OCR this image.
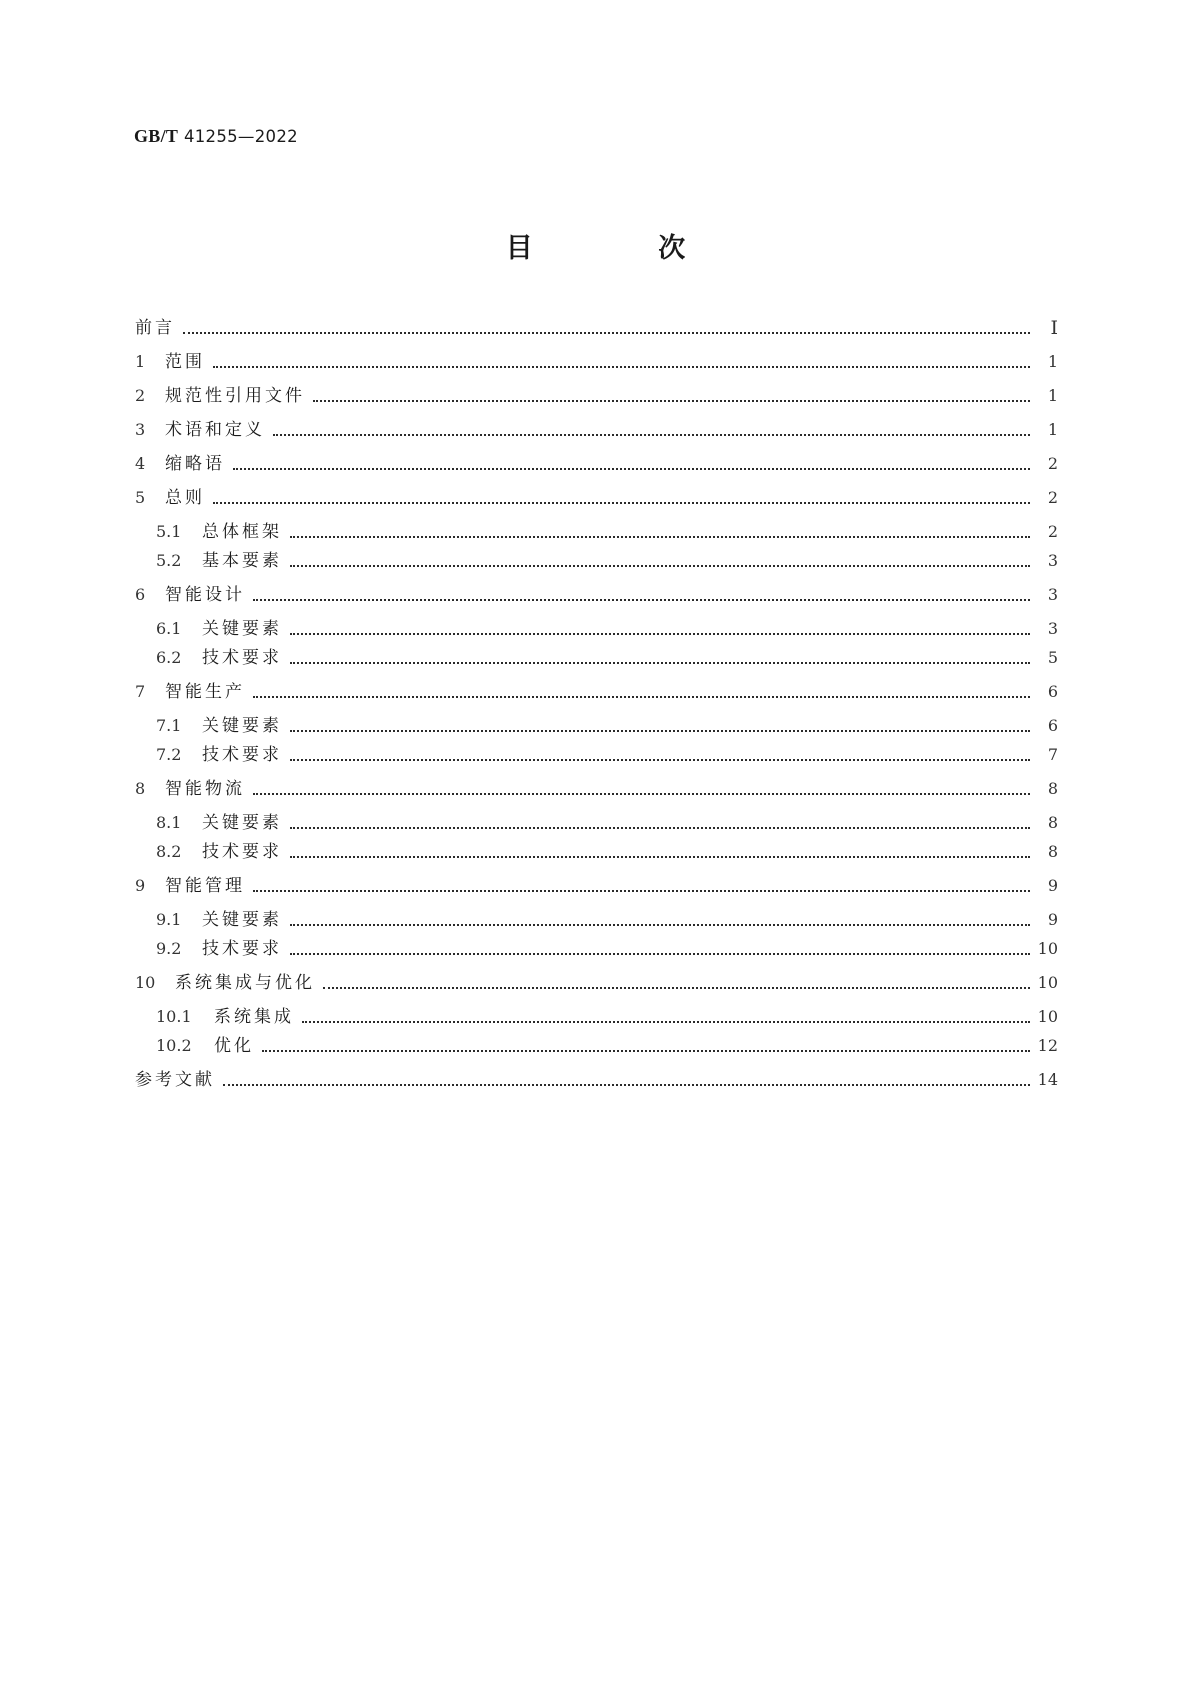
GB/T 41255—2022
目 次
前言	Ⅰ
1	范围	1
2	规范性引用文件	1
3	术语和定义	1
4	缩略语	2
5	总则	2
5.1	总体框架	2
5.2	基本要素	3
6	智能设计	3
6.1	关键要素	3
6.2	技术要求	5
7	智能生产	6
7.1	关键要素	6
7.2	技术要求	7
8	智能物流	8
8.1	关键要素	8
8.2	技术要求	8
9	智能管理	9
9.1	关键要素	9
9.2	技术要求	10
10	系统集成与优化	10
10.1	系统集成	10
10.2	优化	12
参考文献	14
